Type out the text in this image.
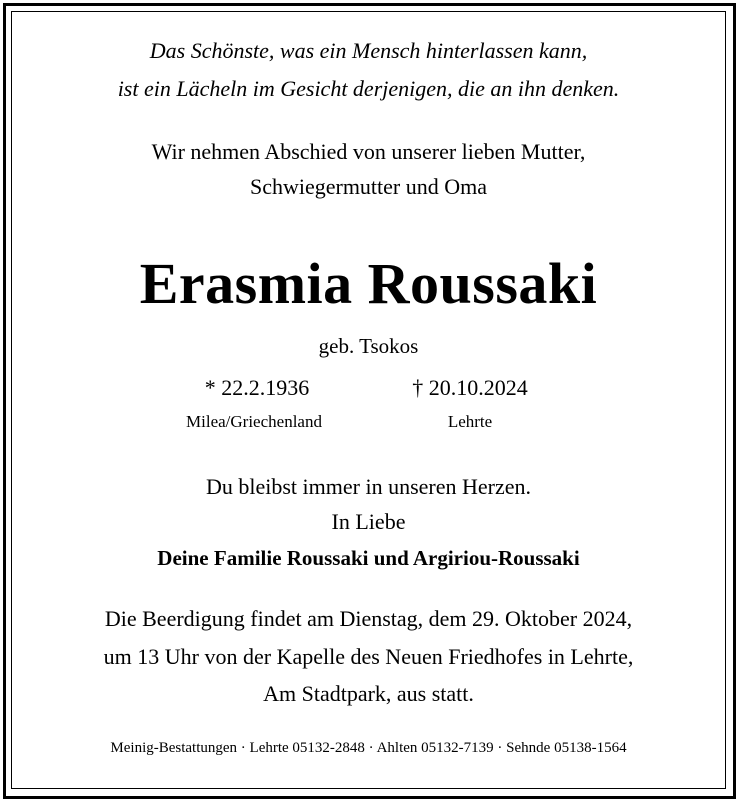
Das Schönste, was ein Mensch hinterlassen kann,
ist ein Lächeln im Gesicht derjenigen, die an ihn denken.
Wir nehmen Abschied von unserer lieben Mutter,
Schwiegermutter und Oma
Erasmia Roussaki
geb. Tsokos
* 22.2.1936	† 20.10.2024
Milea/Griechenland	Lehrte
Du bleibst immer in unseren Herzen.
In Liebe
Deine Familie Roussaki und Argiriou-Roussaki
Die Beerdigung findet am Dienstag, dem 29. Oktober 2024,
um 13 Uhr von der Kapelle des Neuen Friedhofes in Lehrte,
Am Stadtpark, aus statt.
Meinig-Bestattungen · Lehrte 05132-2848 · Ahlten 05132-7139 · Sehnde 05138-1564
